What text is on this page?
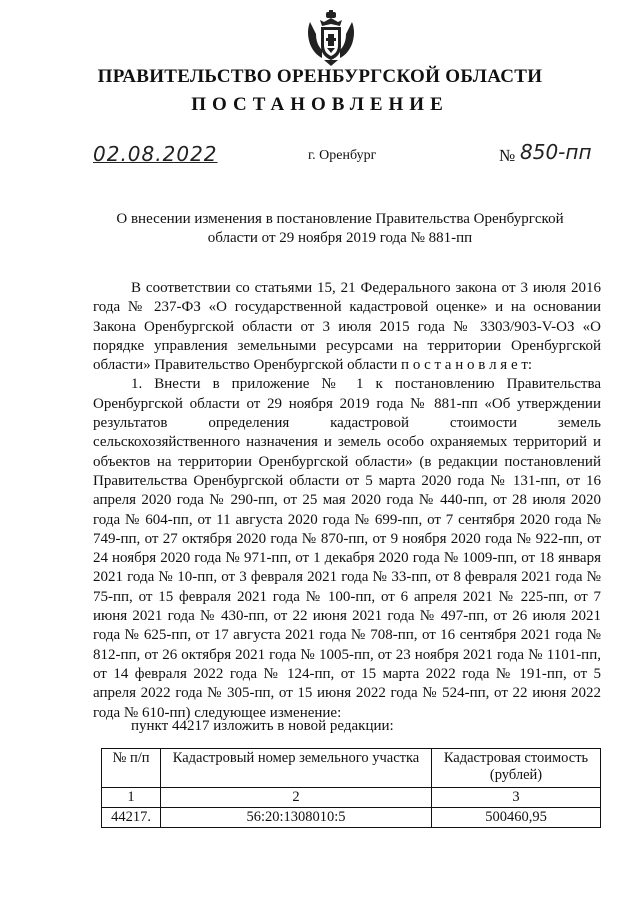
ПРАВИТЕЛЬСТВО ОРЕНБУРГСКОЙ ОБЛАСТИ
ПОСТАНОВЛЕНИЕ
02.08.2022	г. Оренбург	№ 850-пп
О внесении изменения в постановление Правительства Оренбургской области от 29 ноября 2019 года № 881-пп

В соответствии со статьями 15, 21 Федерального закона от 3 июля 2016 года № 237-ФЗ «О государственной кадастровой оценке» и на основании Закона Оренбургской области от 3 июля 2015 года № 3303/903-V-ОЗ «О порядке управления земельными ресурсами на территории Оренбургской области» Правительство Оренбургской области п о с т а н о в л я е т:

1. Внести в приложение № 1 к постановлению Правительства Оренбургской области от 29 ноября 2019 года № 881-пп «Об утверждении результатов определения кадастровой стоимости земель сельскохозяйственного назначения и земель особо охраняемых территорий и объектов на территории Оренбургской области» (в редакции постановлений Правительства Оренбургской области от 5 марта 2020 года № 131-пп, от 16 апреля 2020 года № 290-пп, от 25 мая 2020 года № 440-пп, от 28 июля 2020 года № 604-пп, от 11 августа 2020 года № 699-пп, от 7 сентября 2020 года № 749-пп, от 27 октября 2020 года № 870-пп, от 9 ноября 2020 года № 922-пп, от 24 ноября 2020 года № 971-пп, от 1 декабря 2020 года № 1009-пп, от 18 января 2021 года № 10-пп, от 3 февраля 2021 года № 33-пп, от 8 февраля 2021 года № 75-пп, от 15 февраля 2021 года № 100-пп, от 6 апреля 2021 № 225-пп, от 7 июня 2021 года № 430-пп, от 22 июня 2021 года № 497-пп, от 26 июля 2021 года № 625-пп, от 17 августа 2021 года № 708-пп, от 16 сентября 2021 года № 812-пп, от 26 октября 2021 года № 1005-пп, от 23 ноября 2021 года № 1101-пп, от 14 февраля 2022 года № 124-пп, от 15 марта 2022 года № 191-пп, от 5 апреля 2022 года № 305-пп, от 15 июня 2022 года № 524-пп, от 22 июня 2022 года № 610-пп) следующее изменение:

пункт 44217 изложить в новой редакции:
№ п/п	Кадастровый номер земельного участка	Кадастровая стоимость (рублей)
1	2	3
44217.	56:20:1308010:5	500460,95
